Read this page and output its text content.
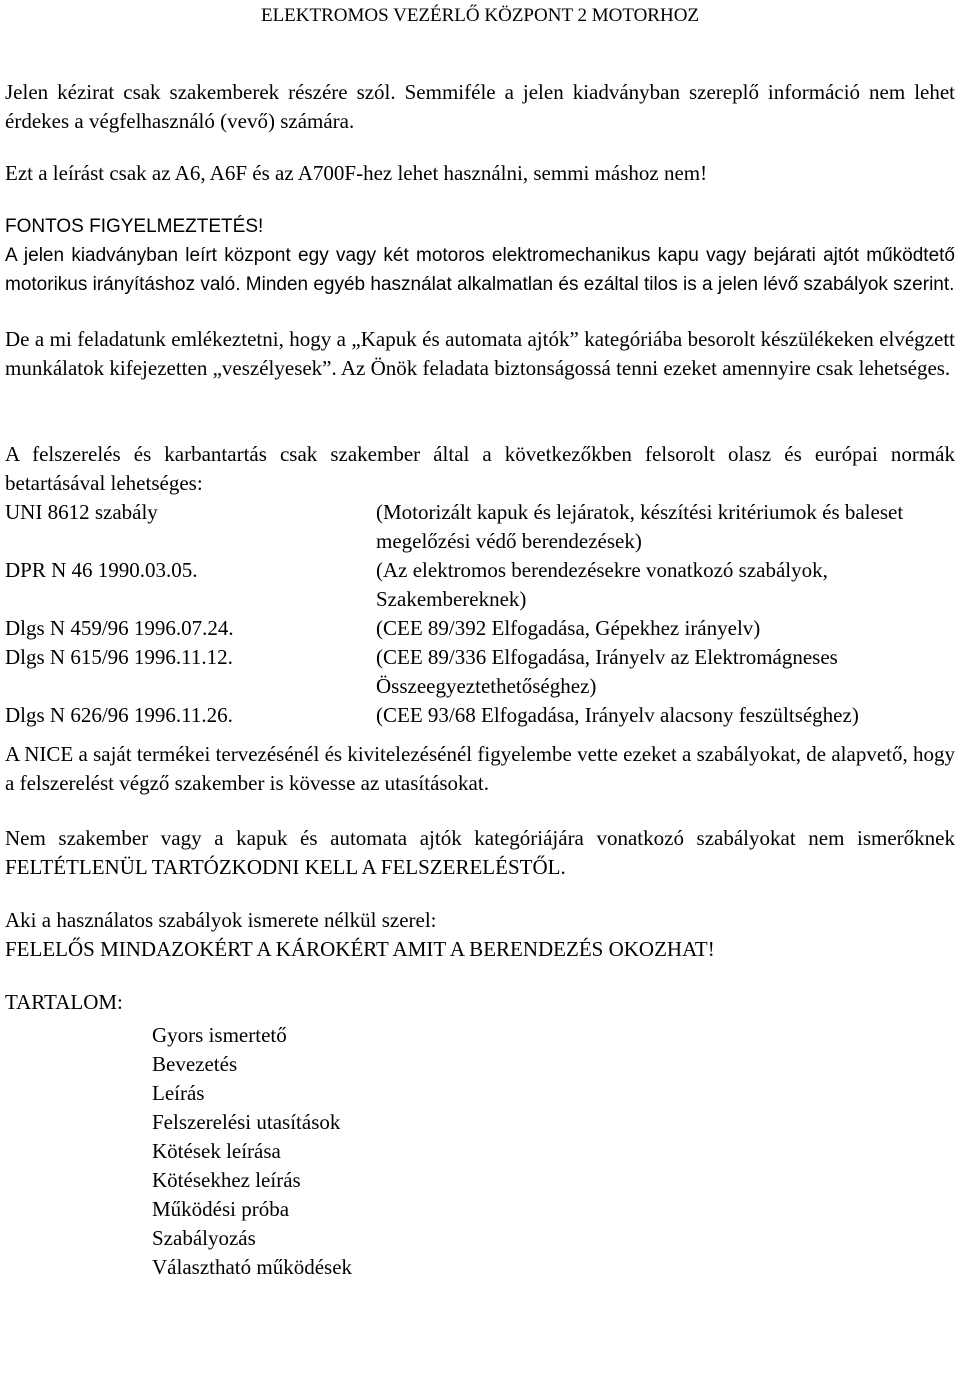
ELEKTROMOS VEZÉRLŐ KÖZPONT 2 MOTORHOZ

Jelen kézirat csak szakemberek részére szól. Semmiféle a jelen kiadványban szereplő információ nem lehet érdekes a végfelhasználó (vevő) számára.

Ezt a leírást csak az A6, A6F és az A700F-hez lehet használni, semmi máshoz nem!

FONTOS FIGYELMEZTETÉS!

A jelen kiadványban leírt központ egy vagy két motoros elektromechanikus kapu vagy bejárati ajtót működtető motorikus irányításhoz való. Minden egyéb használat alkalmatlan és ezáltal tilos is a jelen lévő szabályok szerint.

De a mi feladatunk emlékeztetni, hogy a „Kapuk és automata ajtók” kategóriába besorolt készülékeken elvégzett munkálatok kifejezetten „veszélyesek”. Az Önök feladata biztonságossá tenni ezeket amennyire csak lehetséges.

A felszerelés és karbantartás csak szakember által a következőkben felsorolt olasz és európai normák betartásával lehetséges:

UNI 8612 szabály	(Motorizált kapuk és lejáratok, készítési kritériumok és baleset megelőzési védő berendezések)
DPR N 46 1990.03.05.	(Az elektromos berendezésekre vonatkozó szabályok, Szakembereknek)
Dlgs N 459/96 1996.07.24.	(CEE 89/392 Elfogadása, Gépekhez irányelv)
Dlgs N 615/96 1996.11.12.	(CEE 89/336 Elfogadása, Irányelv az Elektromágneses Összeegyeztethetőséghez)
Dlgs N 626/96 1996.11.26.	(CEE 93/68 Elfogadása, Irányelv alacsony feszültséghez)

A NICE a saját termékei tervezésénél és kivitelezésénél figyelembe vette ezeket a szabályokat, de alapvető, hogy a felszerelést végző szakember is kövesse az utasításokat.

Nem szakember vagy a kapuk és automata ajtók kategóriájára vonatkozó szabályokat nem ismerőknek FELTÉTLENÜL TARTÓZKODNI KELL A FELSZERELÉSTŐL.

Aki a használatos szabályok ismerete nélkül szerel:

FELELŐS MINDAZOKÉRT A KÁROKÉRT AMIT A BERENDEZÉS OKOZHAT!

TARTALOM:
Gyors ismertető
Bevezetés
Leírás
Felszerelési utasítások
Kötések leírása
Kötésekhez leírás
Működési próba
Szabályozás
Választható működések
